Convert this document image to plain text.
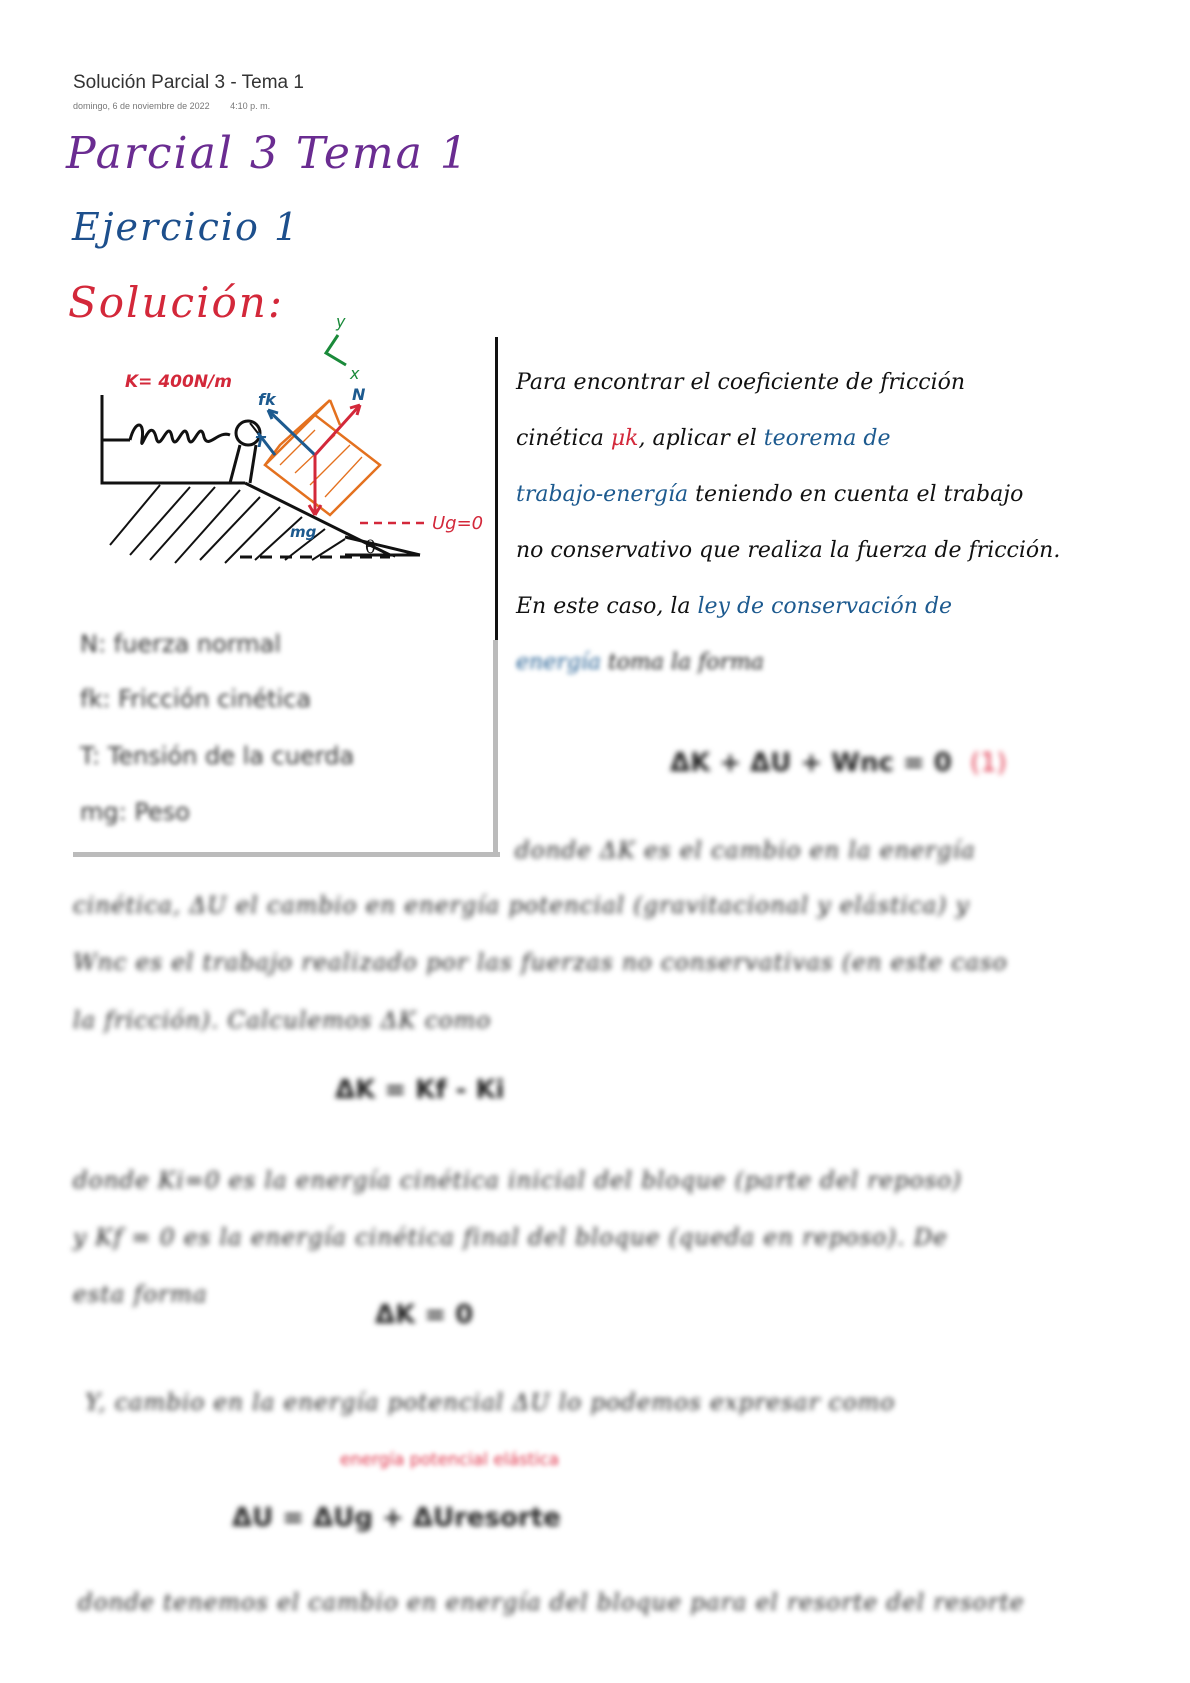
Solución Parcial 3 - Tema 1
domingo, 6 de noviembre de 2022 4:10 p. m.
Parcial 3 Tema 1
Ejercicio 1
Solución:	y
x
K= 400N/m
θ
fk	N
T
mg	Ug=0
N: fuerza normal
fk: Fricción cinética
T: Tensión de la cuerda
mg: Peso
Para encontrar el coeficiente de fricción
cinética μk, aplicar el teorema de
trabajo-energía teniendo en cuenta el trabajo
no conservativo que realiza la fuerza de fricción.
En este caso, la ley de conservación de
energía toma la forma
ΔK + ΔU + Wnc = 0 (1)
donde ΔK es el cambio en la energía
cinética, ΔU el cambio en energía potencial (gravitacional y elástica) y
Wnc es el trabajo realizado por las fuerzas no conservativas (en este caso
la fricción). Calculemos ΔK como
ΔK = Kf - Ki
donde Ki=0 es la energía cinética inicial del bloque (parte del reposo)
y Kf = 0 es la energía cinética final del bloque (queda en reposo). De
esta forma
ΔK = 0
Y, cambio en la energía potencial ΔU lo podemos expresar como
energía potencial elástica
ΔU = ΔUg + ΔUresorte
donde tenemos el cambio en energía del bloque para el resorte del resorte
